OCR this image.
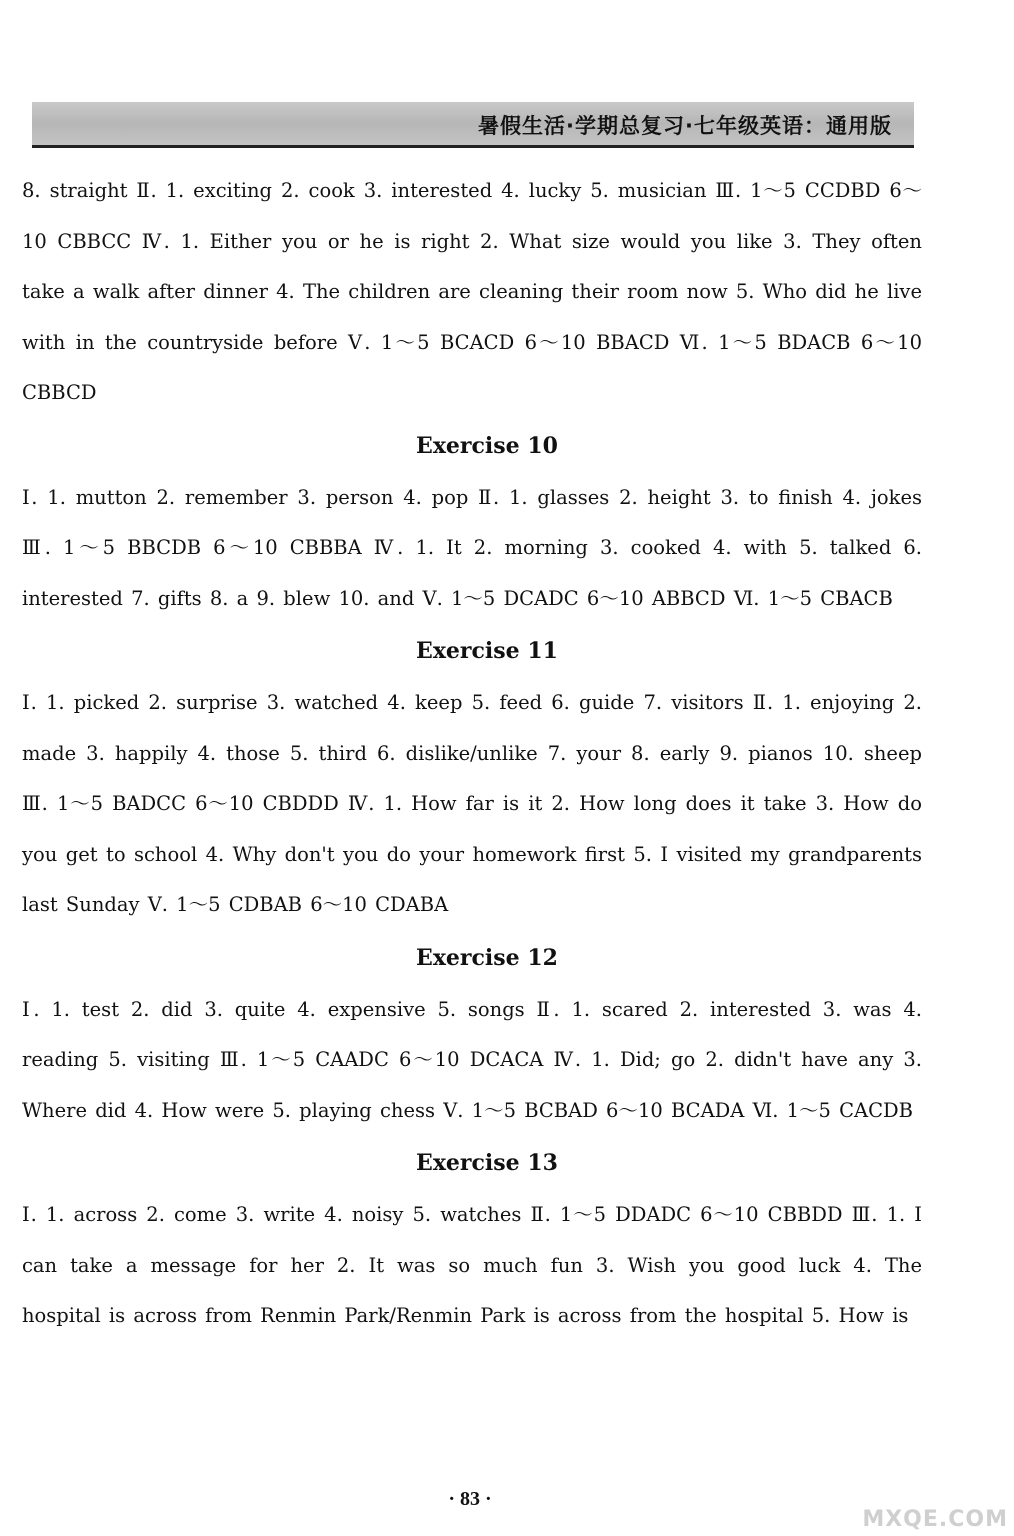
暑假生活·学期总复习·七年级英语：通用版

8. straight Ⅱ. 1. exciting 2. cook 3. interested 4. lucky 5. musician Ⅲ. 1～5 CCDBD 6～10 CBBCC Ⅳ. 1. Either you or he is right 2. What size would you like 3. They often take a walk after dinner 4. The children are cleaning their room now 5. Who did he live with in the countryside before Ⅴ. 1～5 BCACD 6～10 BBACD Ⅵ. 1～5 BDACB 6～10 CBBCD

Exercise 10

Ⅰ. 1. mutton 2. remember 3. person 4. pop Ⅱ. 1. glasses 2. height 3. to finish 4. jokes Ⅲ. 1～5 BBCDB 6～10 CBBBA Ⅳ. 1. It 2. morning 3. cooked 4. with 5. talked 6. interested 7. gifts 8. a 9. blew 10. and Ⅴ. 1～5 DCADC 6～10 ABBCD Ⅵ. 1～5 CBACB

Exercise 11

Ⅰ. 1. picked 2. surprise 3. watched 4. keep 5. feed 6. guide 7. visitors Ⅱ. 1. enjoying 2. made 3. happily 4. those 5. third 6. dislike/unlike 7. your 8. early 9. pianos 10. sheep Ⅲ. 1～5 BADCC 6～10 CBDDD Ⅳ. 1. How far is it 2. How long does it take 3. How do you get to school 4. Why don't you do your homework first 5. I visited my grandparents last Sunday Ⅴ. 1～5 CDBAB 6～10 CDABA

Exercise 12

Ⅰ. 1. test 2. did 3. quite 4. expensive 5. songs Ⅱ. 1. scared 2. interested 3. was 4. reading 5. visiting Ⅲ. 1～5 CAADC 6～10 DCACA Ⅳ. 1. Did; go 2. didn't have any 3. Where did 4. How were 5. playing chess Ⅴ. 1～5 BCBAD 6～10 BCADA Ⅵ. 1～5 CACDB

Exercise 13

Ⅰ. 1. across 2. come 3. write 4. noisy 5. watches Ⅱ. 1～5 DDADC 6～10 CBBDD Ⅲ. 1. I can take a message for her 2. It was so much fun 3. Wish you good luck 4. The hospital is across from Renmin Park/Renmin Park is across from the hospital 5. How is

· 83 ·
MXQE.COM
